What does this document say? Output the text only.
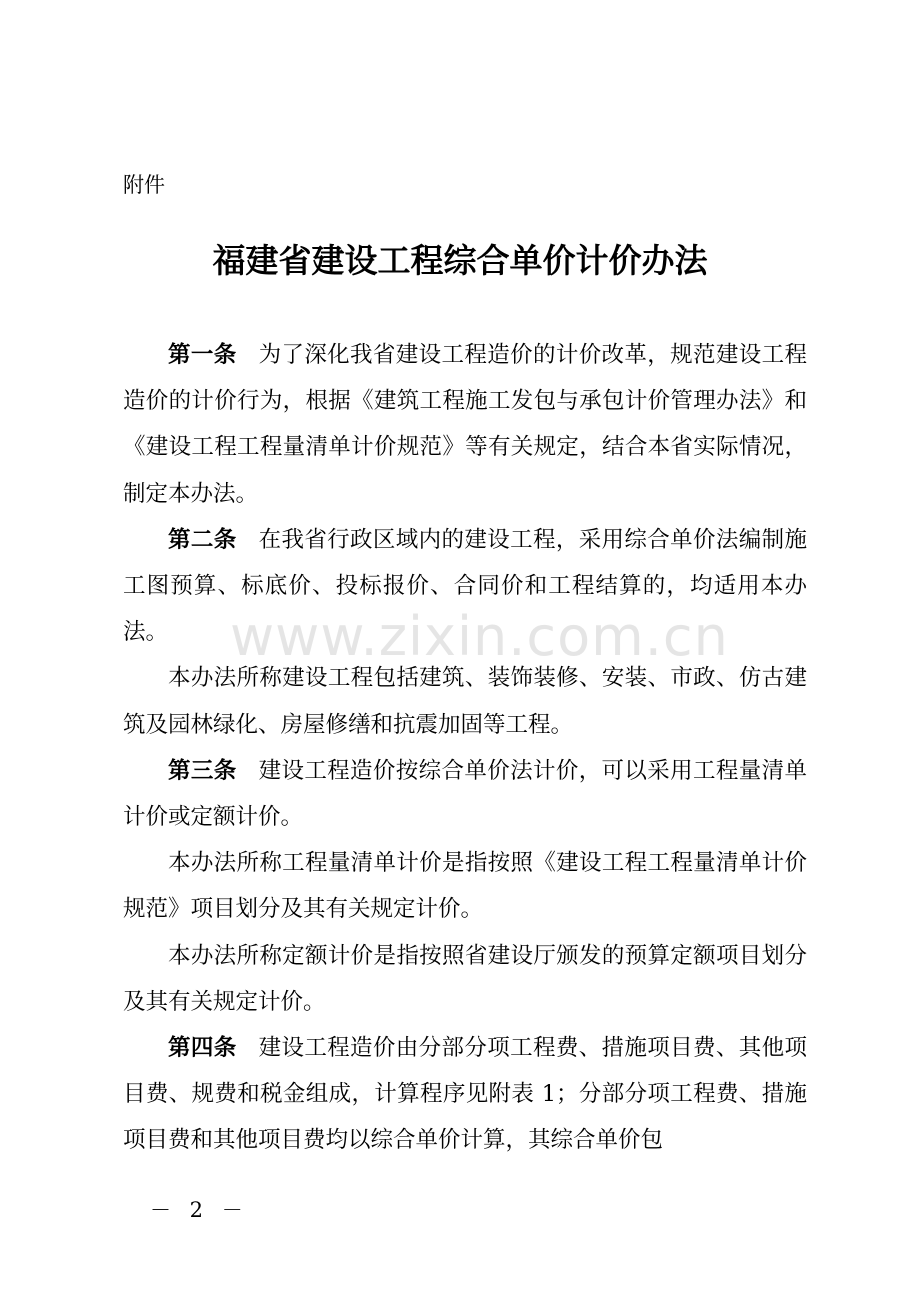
附件
福建省建设工程综合单价计价办法

第一条 为了深化我省建设工程造价的计价改革，规范建设工程造价的计价行为，根据《建筑工程施工发包与承包计价管理办法》和《建设工程工程量清单计价规范》等有关规定，结合本省实际情况，制定本办法。

第二条 在我省行政区域内的建设工程，采用综合单价法编制施工图预算、标底价、投标报价、合同价和工程结算的，均适用本办法。

本办法所称建设工程包括建筑、装饰装修、安装、市政、仿古建筑及园林绿化、房屋修缮和抗震加固等工程。

第三条 建设工程造价按综合单价法计价，可以采用工程量清单计价或定额计价。

本办法所称工程量清单计价是指按照《建设工程工程量清单计价规范》项目划分及其有关规定计价。

本办法所称定额计价是指按照省建设厅颁发的预算定额项目划分及其有关规定计价。

第四条 建设工程造价由分部分项工程费、措施项目费、其他项目费、规费和税金组成，计算程序见附表 1；分部分项工程费、措施项目费和其他项目费均以综合单价计算，其综合单价包

www.zixin.com.cn
－ 2 －
